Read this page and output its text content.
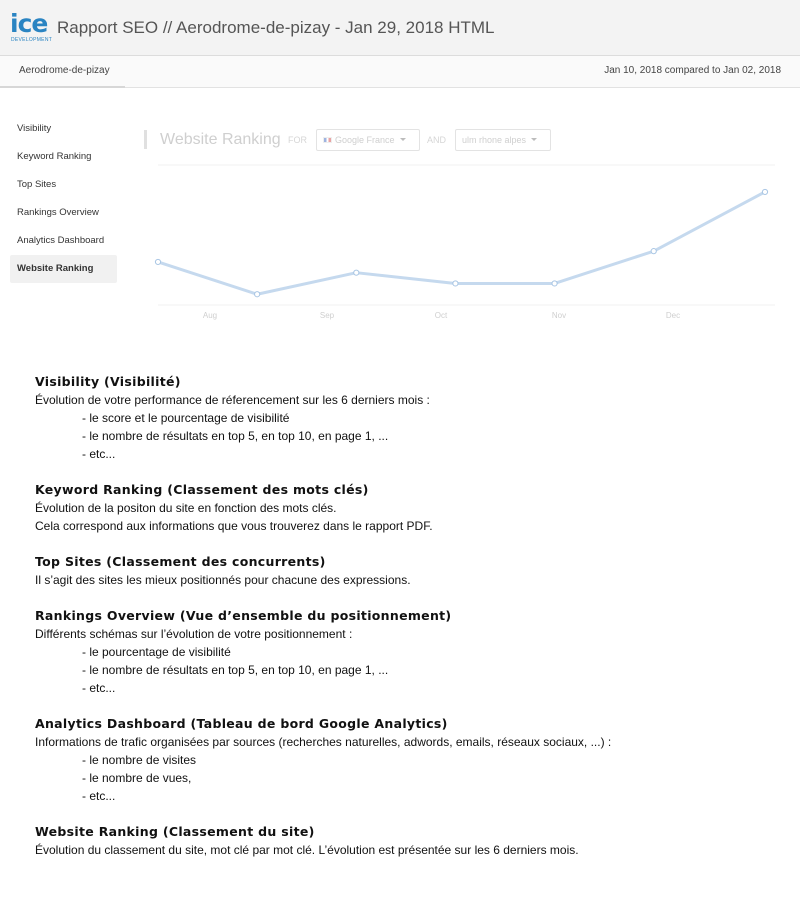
ice
DEVELOPMENT
Rapport SEO // Aerodrome-de-pizay - Jan 29, 2018 HTML
Aerodrome-de-pizay	Jan 10, 2018 compared to Jan 02, 2018
Visibility
Keyword Ranking
Top Sites
Rankings Overview
Analytics Dashboard
Website Ranking
Website Ranking FOR	Google France	AND	ulm rhone alpes
Aug	Sep	Oct	Nov	Dec
Visibility (Visibilité)
Évolution de votre performance de réferencement sur les 6 derniers mois :
- le score et le pourcentage de visibilité
- le nombre de résultats en top 5, en top 10, en page 1, ...
- etc...
Keyword Ranking (Classement des mots clés)
Évolution de la positon du site en fonction des mots clés.
Cela correspond aux informations que vous trouverez dans le rapport PDF.
Top Sites (Classement des concurrents)
Il s’agit des sites les mieux positionnés pour chacune des expressions.
Rankings Overview (Vue d’ensemble du positionnement)
Différents schémas sur l’évolution de votre positionnement :
- le pourcentage de visibilité
- le nombre de résultats en top 5, en top 10, en page 1, ...
- etc...
Analytics Dashboard (Tableau de bord Google Analytics)
Informations de trafic organisées par sources (recherches naturelles, adwords, emails, réseaux sociaux, ...) :
- le nombre de visites
- le nombre de vues,
- etc...
Website Ranking (Classement du site)
Évolution du classement du site, mot clé par mot clé. L’évolution est présentée sur les 6 derniers mois.
